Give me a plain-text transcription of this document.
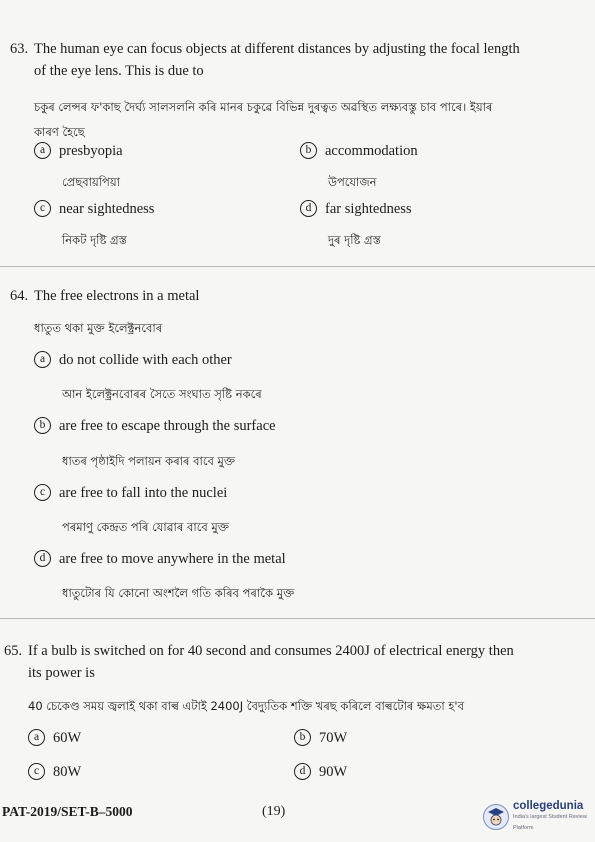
63. The human eye can focus objects at different distances by adjusting the focal length
of the eye lens. This is due to
চকুৰ লেন্সৰ ফ'কাছ দৈৰ্ঘ্য সালসলনি কৰি মানৰ চকুৱে বিভিন্ন দুৰত্বত অৱস্থিত লক্ষ্যবস্তু চাব পাৰে। ইয়াৰ
কাৰণ হৈছে
a presbyopia
প্ৰেছবায়পিয়া
b accommodation
উপযোজন
c near sightedness
নিকট দৃষ্টি গ্ৰস্ত
d far sightedness
দুৰ দৃষ্টি গ্ৰস্ত
64. The free electrons in a metal
ধাতুত থকা মুক্ত ইলেক্ট্ৰনবোৰ
a do not collide with each other
আন ইলেক্ট্ৰনবোৰৰ সৈতে সংঘাত সৃষ্টি নকৰে
b are free to escape through the surface
ধাতৰ পৃষ্ঠাইদি পলায়ন কৰাৰ বাবে মুক্ত
c are free to fall into the nuclei
পৰমাণু কেন্দ্ৰত পৰি যোৱাৰ বাবে মুক্ত
d are free to move anywhere in the metal
ধাতুটোৰ যি কোনো অংশলৈ গতি কৰিব পৰাকৈ মুক্ত
65. If a bulb is switched on for 40 second and consumes 2400J of electrical energy then
its power is
40 চেকেণ্ড সময় জ্বলাই থকা বাল্ব এটাই 2400J বৈদ্যুতিক শক্তি খৰছ কৰিলে বাল্বটোৰ ক্ষমতা হ'ব
a 60W	b 70W
c 80W	d 90W
PAT-2019/SET-B–5000	(19)	collegedunia
India's largest Student Review Platform
